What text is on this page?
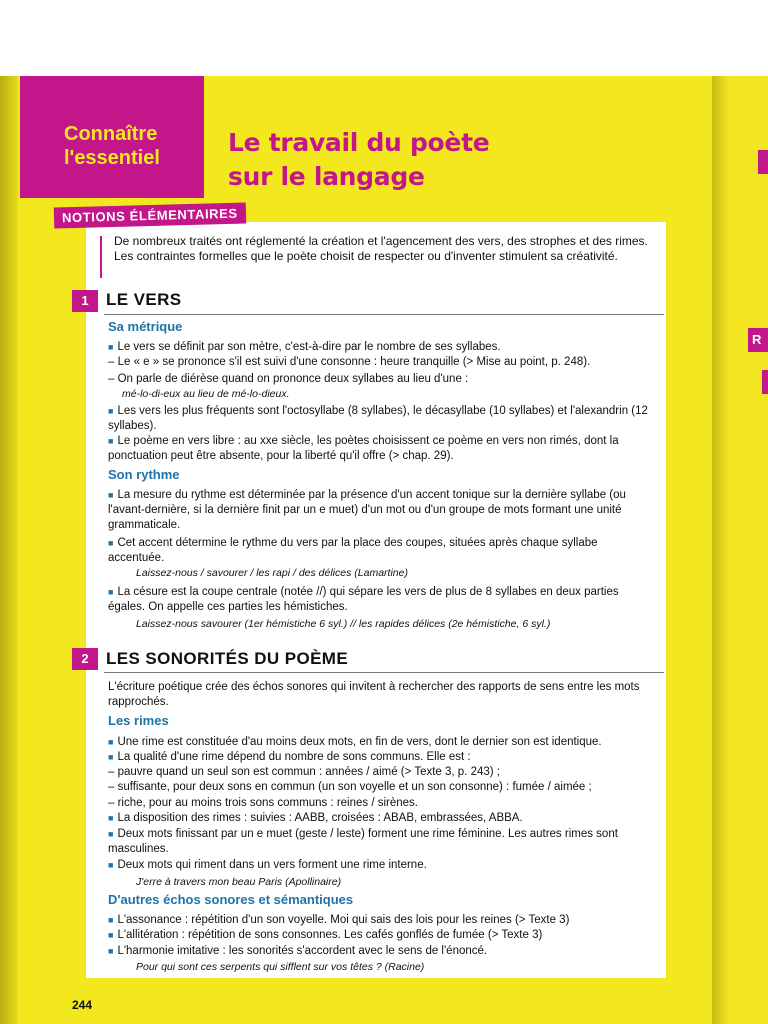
R
Connaître
l'essentiel
Le travail du poète
sur le langage
NOTIONS ÉLÉMENTAIRES
De nombreux traités ont réglementé la création et l'agencement des vers, des strophes et des rimes. Les contraintes formelles que le poète choisit de respecter ou d'inventer stimulent sa créativité.
1	LE VERS
Sa métrique
■ Le vers se définit par son mètre, c'est-à-dire par le nombre de ses syllabes.
– Le « e » se prononce s'il est suivi d'une consonne : heure tranquille (> Mise au point, p. 248).
– On parle de diérèse quand on prononce deux syllabes au lieu d'une :
mé-lo-di-eux au lieu de mé-lo-dieux.
■ Les vers les plus fréquents sont l'octosyllabe (8 syllabes), le décasyllabe (10 syllabes) et l'alexandrin (12 syllabes).
■ Le poème en vers libre : au xxe siècle, les poètes choisissent ce poème en vers non rimés, dont la ponctuation peut être absente, pour la liberté qu'il offre (> chap. 29).
Son rythme
■ La mesure du rythme est déterminée par la présence d'un accent tonique sur la dernière syllabe (ou l'avant-dernière, si la dernière finit par un e muet) d'un mot ou d'un groupe de mots formant une unité grammaticale.
■ Cet accent détermine le rythme du vers par la place des coupes, situées après chaque syllabe accentuée.
Laissez-nous / savourer / les rapi / des délices (Lamartine)
■ La césure est la coupe centrale (notée //) qui sépare les vers de plus de 8 syllabes en deux parties égales. On appelle ces parties les hémistiches.
Laissez-nous savourer (1er hémistiche 6 syl.) // les rapides délices (2e hémistiche, 6 syl.)
2	LES SONORITÉS DU POÈME
L'écriture poétique crée des échos sonores qui invitent à rechercher des rapports de sens entre les mots rapprochés.
Les rimes
■ Une rime est constituée d'au moins deux mots, en fin de vers, dont le dernier son est identique.
■ La qualité d'une rime dépend du nombre de sons communs. Elle est :
– pauvre quand un seul son est commun : années / aimé (> Texte 3, p. 243) ;
– suffisante, pour deux sons en commun (un son voyelle et un son consonne) : fumée / aimée ;
– riche, pour au moins trois sons communs : reines / sirènes.
■ La disposition des rimes : suivies : AABB, croisées : ABAB, embrassées, ABBA.
■ Deux mots finissant par un e muet (geste / leste) forment une rime féminine. Les autres rimes sont masculines.
■ Deux mots qui riment dans un vers forment une rime interne.
J'erre à travers mon beau Paris (Apollinaire)
D'autres échos sonores et sémantiques
■ L'assonance : répétition d'un son voyelle. Moi qui sais des lois pour les reines (> Texte 3)
■ L'allitération : répétition de sons consonnes. Les cafés gonflés de fumée (> Texte 3)
■ L'harmonie imitative : les sonorités s'accordent avec le sens de l'énoncé.
Pour qui sont ces serpents qui sifflent sur vos têtes ? (Racine)
244
